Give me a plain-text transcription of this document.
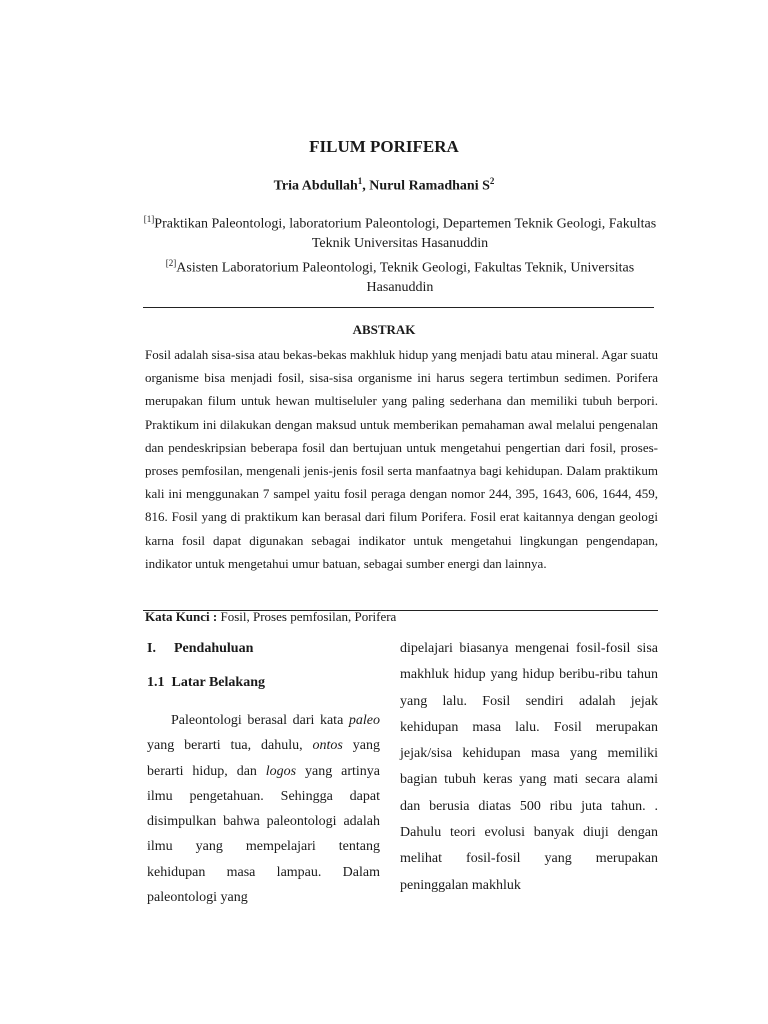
FILUM PORIFERA
Tria Abdullah$^1$, Nurul Ramadhani $S^2$
[1]Praktikan Paleontologi, laboratorium Paleontologi, Departemen Teknik Geologi, Fakultas Teknik Universitas Hasanuddin
[2]Asisten Laboratorium Paleontologi, Teknik Geologi, Fakultas Teknik, Universitas Hasanuddin
ABSTRAK

Fosil adalah sisa-sisa atau bekas-bekas makhluk hidup yang menjadi batu atau mineral. Agar suatu organisme bisa menjadi fosil, sisa-sisa organisme ini harus segera tertimbun sedimen. Porifera merupakan filum untuk hewan multiseluler yang paling sederhana dan memiliki tubuh berpori. Praktikum ini dilakukan dengan maksud untuk memberikan pemahaman awal melalui pengenalan dan pendeskripsian beberapa fosil dan bertujuan untuk mengetahui pengertian dari fosil, proses-proses pemfosilan, mengenali jenis-jenis fosil serta manfaatnya bagi kehidupan. Dalam praktikum kali ini menggunakan 7 sampel yaitu fosil peraga dengan nomor 244, 395, 1643, 606, 1644, 459, 816. Fosil yang di praktikum kan berasal dari filum Porifera. Fosil erat kaitannya dengan geologi karna fosil dapat digunakan sebagai indikator untuk mengetahui lingkungan pengendapan, indikator untuk mengetahui umur batuan, sebagai sumber energi dan lainnya.

Kata Kunci : Fosil, Proses pemfosilan, Porifera
I. Pendahuluan
1.1 Latar Belakang

Paleontologi berasal dari kata paleo yang berarti tua, dahulu, ontos yang berarti hidup, dan logos yang artinya ilmu pengetahuan. Sehingga dapat disimpulkan bahwa paleontologi adalah ilmu yang mempelajari tentang kehidupan masa lampau. Dalam paleontologi yang

dipelajari biasanya mengenai fosil-fosil sisa makhluk hidup yang hidup beribu-ribu tahun yang lalu. Fosil sendiri adalah jejak kehidupan masa lalu. Fosil merupakan jejak/sisa kehidupan masa yang memiliki bagian tubuh keras yang mati secara alami dan berusia diatas 500 ribu juta tahun. . Dahulu teori evolusi banyak diuji dengan melihat fosil-fosil yang merupakan peninggalan makhluk
